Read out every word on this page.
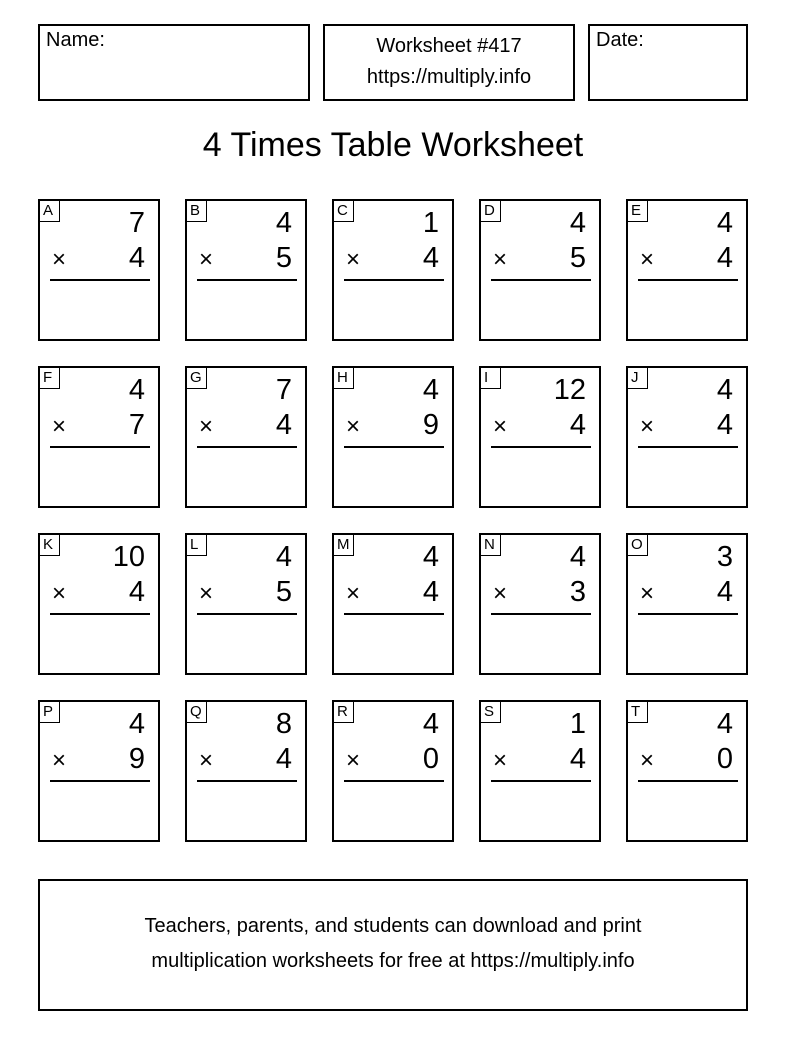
Name:	Worksheet #417
https://multiply.info
Date:
4 Times Table Worksheet
A	7
× 4
B	4
× 5
C	1
× 4
D	4
× 5
E	4
× 4
F	4
× 7
G	7
× 4
H	4
× 9
I	12
× 4
J	4
× 4
K 10
× 4
L	4
× 5
M	4
× 4
N	4
× 3
O	3
× 4
P	4
× 9
Q	8
× 4
R	4
× 0
S	1
× 4
T	4
× 0
Teachers, parents, and students can download and print
multiplication worksheets for free at https://multiply.info
